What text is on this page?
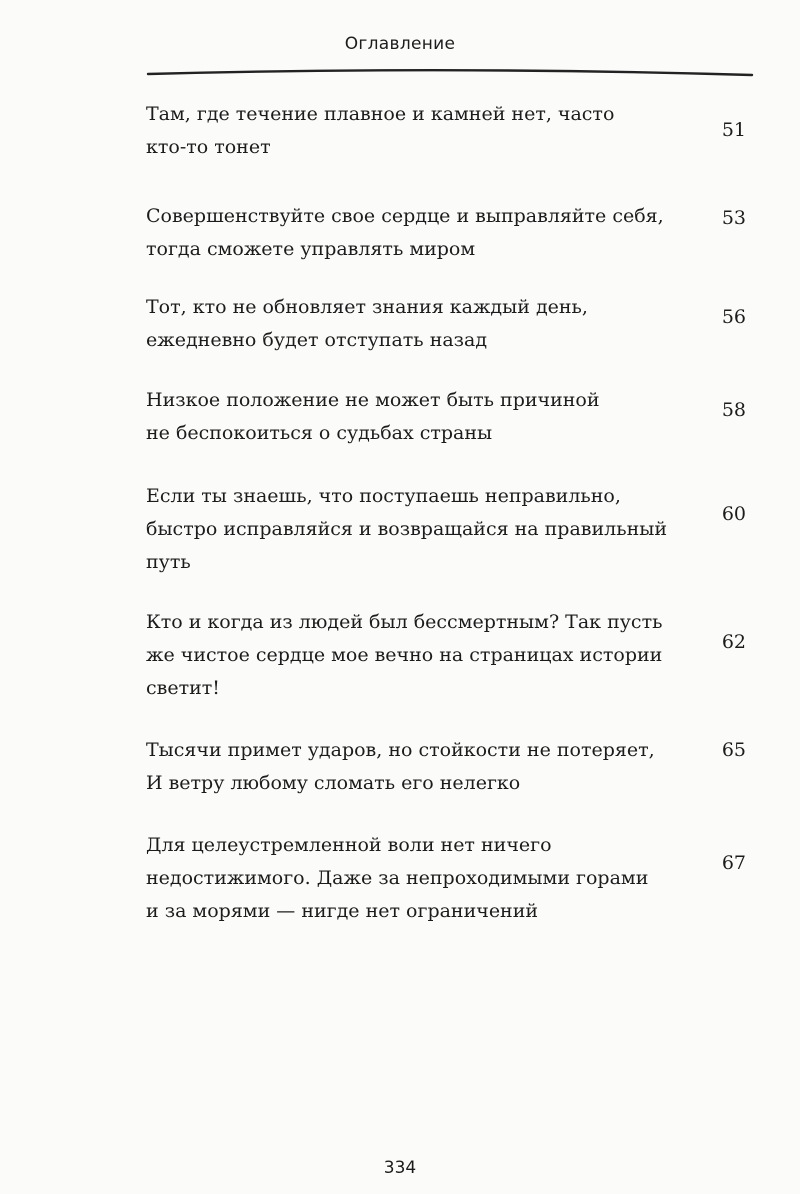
Оглавление
Там, где течение плавное и камней нет, часто
кто-то тонет
51
Совершенствуйте свое сердце и выправляйте себя,
тогда сможете управлять миром
53
Тот, кто не обновляет знания каждый день,
ежедневно будет отступать назад
56
Низкое положение не может быть причиной
не беспокоиться о судьбах страны
58
Если ты знаешь, что поступаешь неправильно,
быстро исправляйся и возвращайся на правильный
путь
60
Кто и когда из людей был бессмертным? Так пусть
же чистое сердце мое вечно на страницах истории
светит!
62
Тысячи примет ударов, но стойкости не потеряет,
И ветру любому сломать его нелегко
65
Для целеустремленной воли нет ничего
недостижимого. Даже за непроходимыми горами
и за морями — нигде нет ограничений
67
334
